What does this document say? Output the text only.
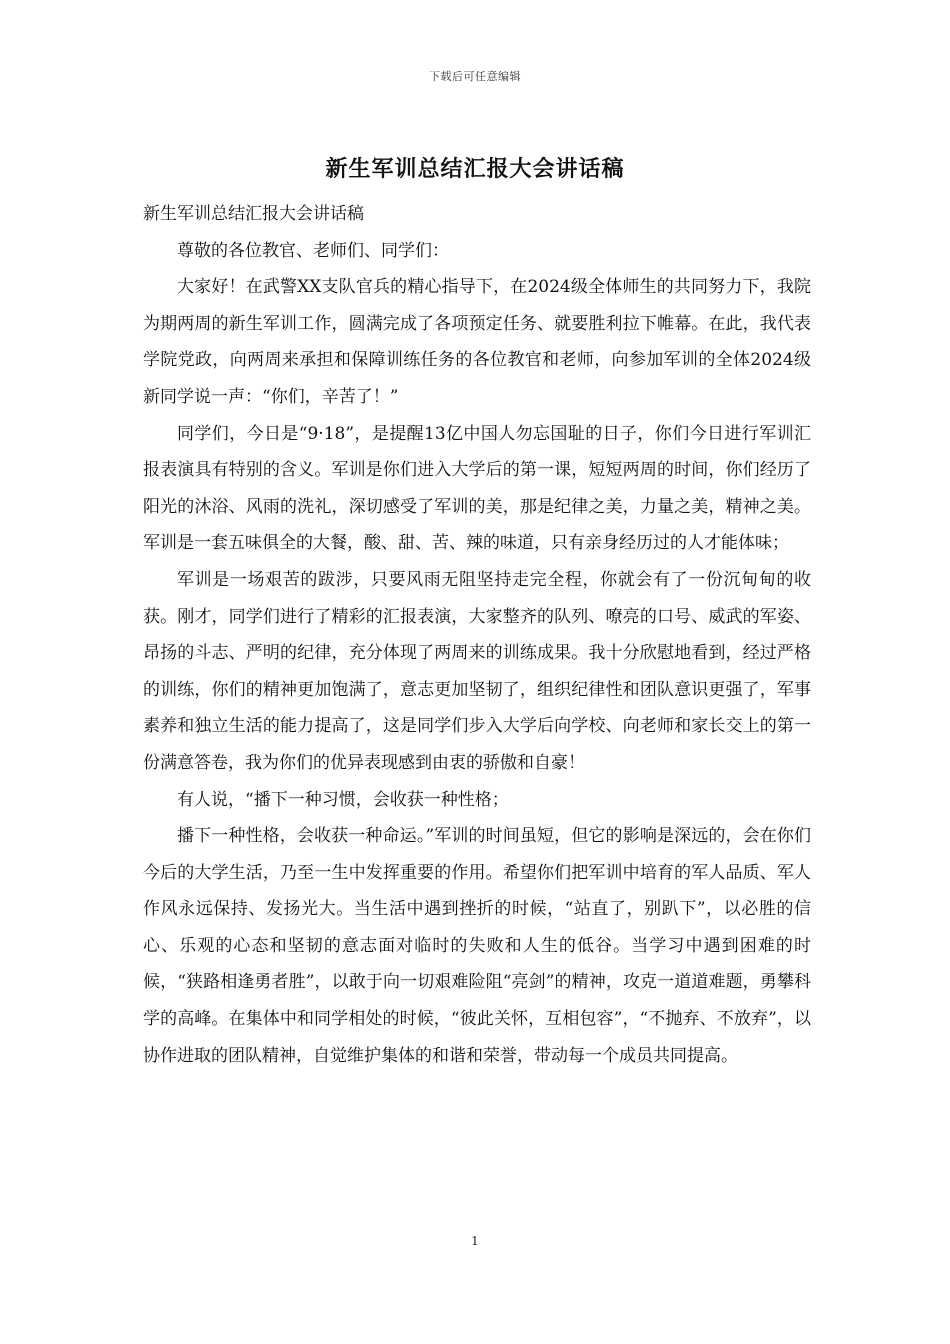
下载后可任意编辑
新生军训总结汇报大会讲话稿

新生军训总结汇报大会讲话稿

尊敬的各位教官、老师们、同学们：

大家好！在武警XX支队官兵的精心指导下，在2024级全体师生的共同努力下，我院为期两周的新生军训工作，圆满完成了各项预定任务、就要胜利拉下帷幕。在此，我代表学院党政，向两周来承担和保障训练任务的各位教官和老师，向参加军训的全体2024级新同学说一声：“你们，辛苦了！”

同学们，今日是“9·18”，是提醒13亿中国人勿忘国耻的日子，你们今日进行军训汇报表演具有特别的含义。军训是你们进入大学后的第一课，短短两周的时间，你们经历了阳光的沐浴、风雨的洗礼，深切感受了军训的美，那是纪律之美，力量之美，精神之美。军训是一套五味俱全的大餐，酸、甜、苦、辣的味道，只有亲身经历过的人才能体味；

军训是一场艰苦的跋涉，只要风雨无阻坚持走完全程，你就会有了一份沉甸甸的收获。刚才，同学们进行了精彩的汇报表演，大家整齐的队列、嘹亮的口号、威武的军姿、昂扬的斗志、严明的纪律，充分体现了两周来的训练成果。我十分欣慰地看到，经过严格的训练，你们的精神更加饱满了，意志更加坚韧了，组织纪律性和团队意识更强了，军事素养和独立生活的能力提高了，这是同学们步入大学后向学校、向老师和家长交上的第一份满意答卷，我为你们的优异表现感到由衷的骄傲和自豪！

有人说，“播下一种习惯，会收获一种性格；

播下一种性格，会收获一种命运。”军训的时间虽短，但它的影响是深远的，会在你们今后的大学生活，乃至一生中发挥重要的作用。希望你们把军训中培育的军人品质、军人作风永远保持、发扬光大。当生活中遇到挫折的时候，“站直了，别趴下”，以必胜的信心、乐观的心态和坚韧的意志面对临时的失败和人生的低谷。当学习中遇到困难的时候，“狭路相逢勇者胜”，以敢于向一切艰难险阻“亮剑”的精神，攻克一道道难题，勇攀科学的高峰。在集体中和同学相处的时候，“彼此关怀，互相包容”，“不抛弃、不放弃”，以协作进取的团队精神，自觉维护集体的和谐和荣誉，带动每一个成员共同提高。

1
